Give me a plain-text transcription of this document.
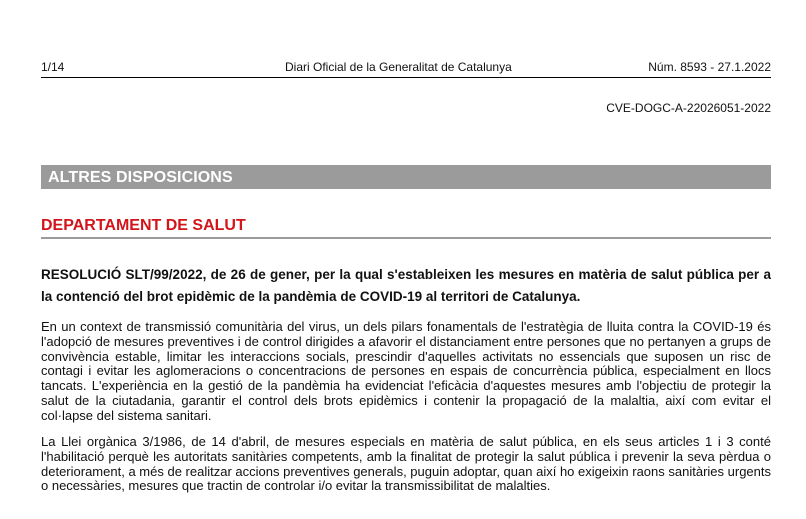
1/14	Diari Oficial de la Generalitat de Catalunya	Núm. 8593 - 27.1.2022
CVE-DOGC-A-22026051-2022
ALTRES DISPOSICIONS
DEPARTAMENT DE SALUT
RESOLUCIÓ SLT/99/2022, de 26 de gener, per la qual s'estableixen les mesures en matèria de salut pública per a la contenció del brot epidèmic de la pandèmia de COVID-19 al territori de Catalunya.
En un context de transmissió comunitària del virus, un dels pilars fonamentals de l'estratègia de lluita contra la COVID-19 és l'adopció de mesures preventives i de control dirigides a afavorir el distanciament entre persones que no pertanyen a grups de convivència estable, limitar les interaccions socials, prescindir d'aquelles activitats no essencials que suposen un risc de contagi i evitar les aglomeracions o concentracions de persones en espais de concurrència pública, especialment en llocs tancats. L'experiència en la gestió de la pandèmia ha evidenciat l'eficàcia d'aquestes mesures amb l'objectiu de protegir la salut de la ciutadania, garantir el control dels brots epidèmics i contenir la propagació de la malaltia, així com evitar el col·lapse del sistema sanitari.
La Llei orgànica 3/1986, de 14 d'abril, de mesures especials en matèria de salut pública, en els seus articles 1 i 3 conté l'habilitació perquè les autoritats sanitàries competents, amb la finalitat de protegir la salut pública i prevenir la seva pèrdua o deteriorament, a més de realitzar accions preventives generals, puguin adoptar, quan així ho exigeixin raons sanitàries urgents o necessàries, mesures que tractin de controlar i/o evitar la transmissibilitat de malalties.
